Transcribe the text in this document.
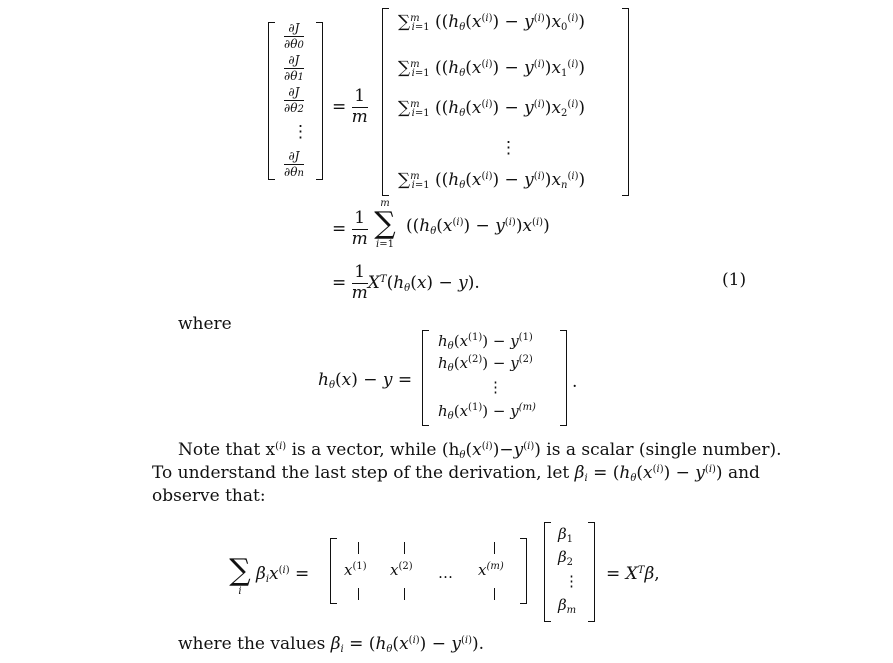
$\frac{\partial J}{\partial\theta 0}$
$\frac{\partial J}{\partial\theta 1}$
$\frac{\partial J}{\partial\theta 2}$
⋮
$\frac{\partial J}{\partial\theta n}$
= $\frac{1}{m}$
∑$^m$i=1 $((h\theta(x^{(i)}) - y^{(i)})x0^{(i)})$
∑$^m$i=1 $((h\theta(x^{(i)}) - y^{(i)})x1^{(i)})$
∑$^m$i=1 $((h\theta(x^{(i)}) - y^{(i)})x2^{(i)})$
⋮
∑$^m$i=1 $((h\theta(x^{(i)}) - y^{(i)})xn^{(i)})$
= $\frac{1}{m}$
m
∑
i=1
$((h\theta(x^{(i)}) - y^{(i)})x^{(i)})$
= $\frac{1}{m} X^T(h\theta(x) - y)$.	(1)
where
hθ(x) − y =
$h_\theta(x^{(1)}) - y^{(1)}$
$h_\theta(x^{(2)}) - y^{(2)}$
⋮
$h_\theta(x^{(1)}) - y^{(m)}$
.
Note that $x^{(i)}$ is a vector, while $(h\theta(x^{(i)})-y^{(i)})$ is a scalar (single number).
To understand the last step of the derivation, let $\beta i = (h\theta(x^{(i)}) - y^{(i)})$ and
observe that:
∑
i
$\beta ix^{(i)} = x^{(1)}$ $x^{(2)}$ … $x^{(m)}$
$\beta_1$
$\beta_2$
⋮
$\beta_m$
= $X^T\beta$,
where the values $\beta i = (h\theta(x^{(i)}) - y^{(i)})$.
